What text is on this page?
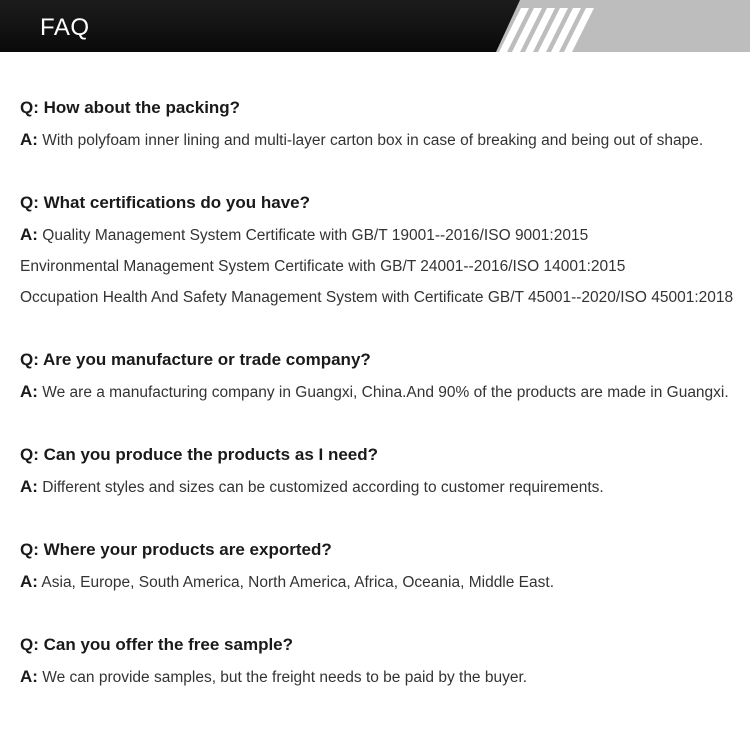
FAQ
Q: How about the packing?
A: With polyfoam inner lining and multi-layer carton box in case of breaking and being out of shape.
Q: What certifications do you have?
A: Quality Management System Certificate with GB/T 19001--2016/ISO 9001:2015
Environmental Management System Certificate with GB/T 24001--2016/ISO 14001:2015
Occupation Health And Safety Management System with Certificate GB/T 45001--2020/ISO 45001:2018
Q: Are you manufacture or trade company?
A: We are a manufacturing company in Guangxi, China.And 90% of the products are made in Guangxi.
Q: Can you produce the products as I need?
A: Different styles and sizes can be customized according to customer requirements.
Q: Where your products are exported?
A: Asia, Europe, South America, North America, Africa, Oceania, Middle East.
Q: Can you offer the free sample?
A: We can provide samples, but the freight needs to be paid by the buyer.
